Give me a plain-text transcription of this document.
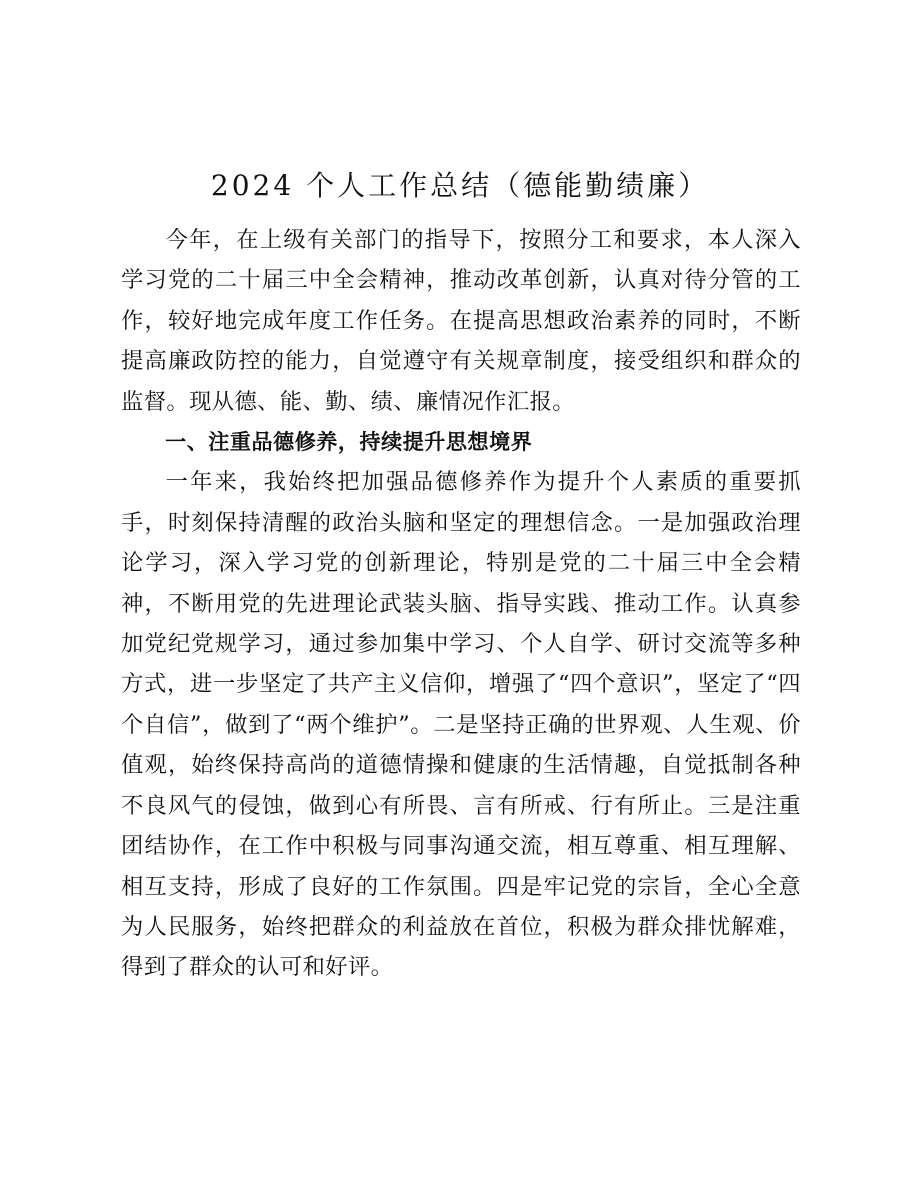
2024 个人工作总结（德能勤绩廉）

今年，在上级有关部门的指导下，按照分工和要求，本人深入学习党的二十届三中全会精神，推动改革创新，认真对待分管的工作，较好地完成年度工作任务。在提高思想政治素养的同时，不断提高廉政防控的能力，自觉遵守有关规章制度，接受组织和群众的监督。现从德、能、勤、绩、廉情况作汇报。

一、注重品德修养，持续提升思想境界

一年来，我始终把加强品德修养作为提升个人素质的重要抓手，时刻保持清醒的政治头脑和坚定的理想信念。一是加强政治理论学习，深入学习党的创新理论，特别是党的二十届三中全会精神，不断用党的先进理论武装头脑、指导实践、推动工作。认真参加党纪党规学习，通过参加集中学习、个人自学、研讨交流等多种方式，进一步坚定了共产主义信仰，增强了“四个意识”，坚定了“四个自信”，做到了“两个维护”。二是坚持正确的世界观、人生观、价值观，始终保持高尚的道德情操和健康的生活情趣，自觉抵制各种不良风气的侵蚀，做到心有所畏、言有所戒、行有所止。三是注重团结协作，在工作中积极与同事沟通交流，相互尊重、相互理解、相互支持，形成了良好的工作氛围。四是牢记党的宗旨，全心全意为人民服务，始终把群众的利益放在首位，积极为群众排忧解难，得到了群众的认可和好评。
